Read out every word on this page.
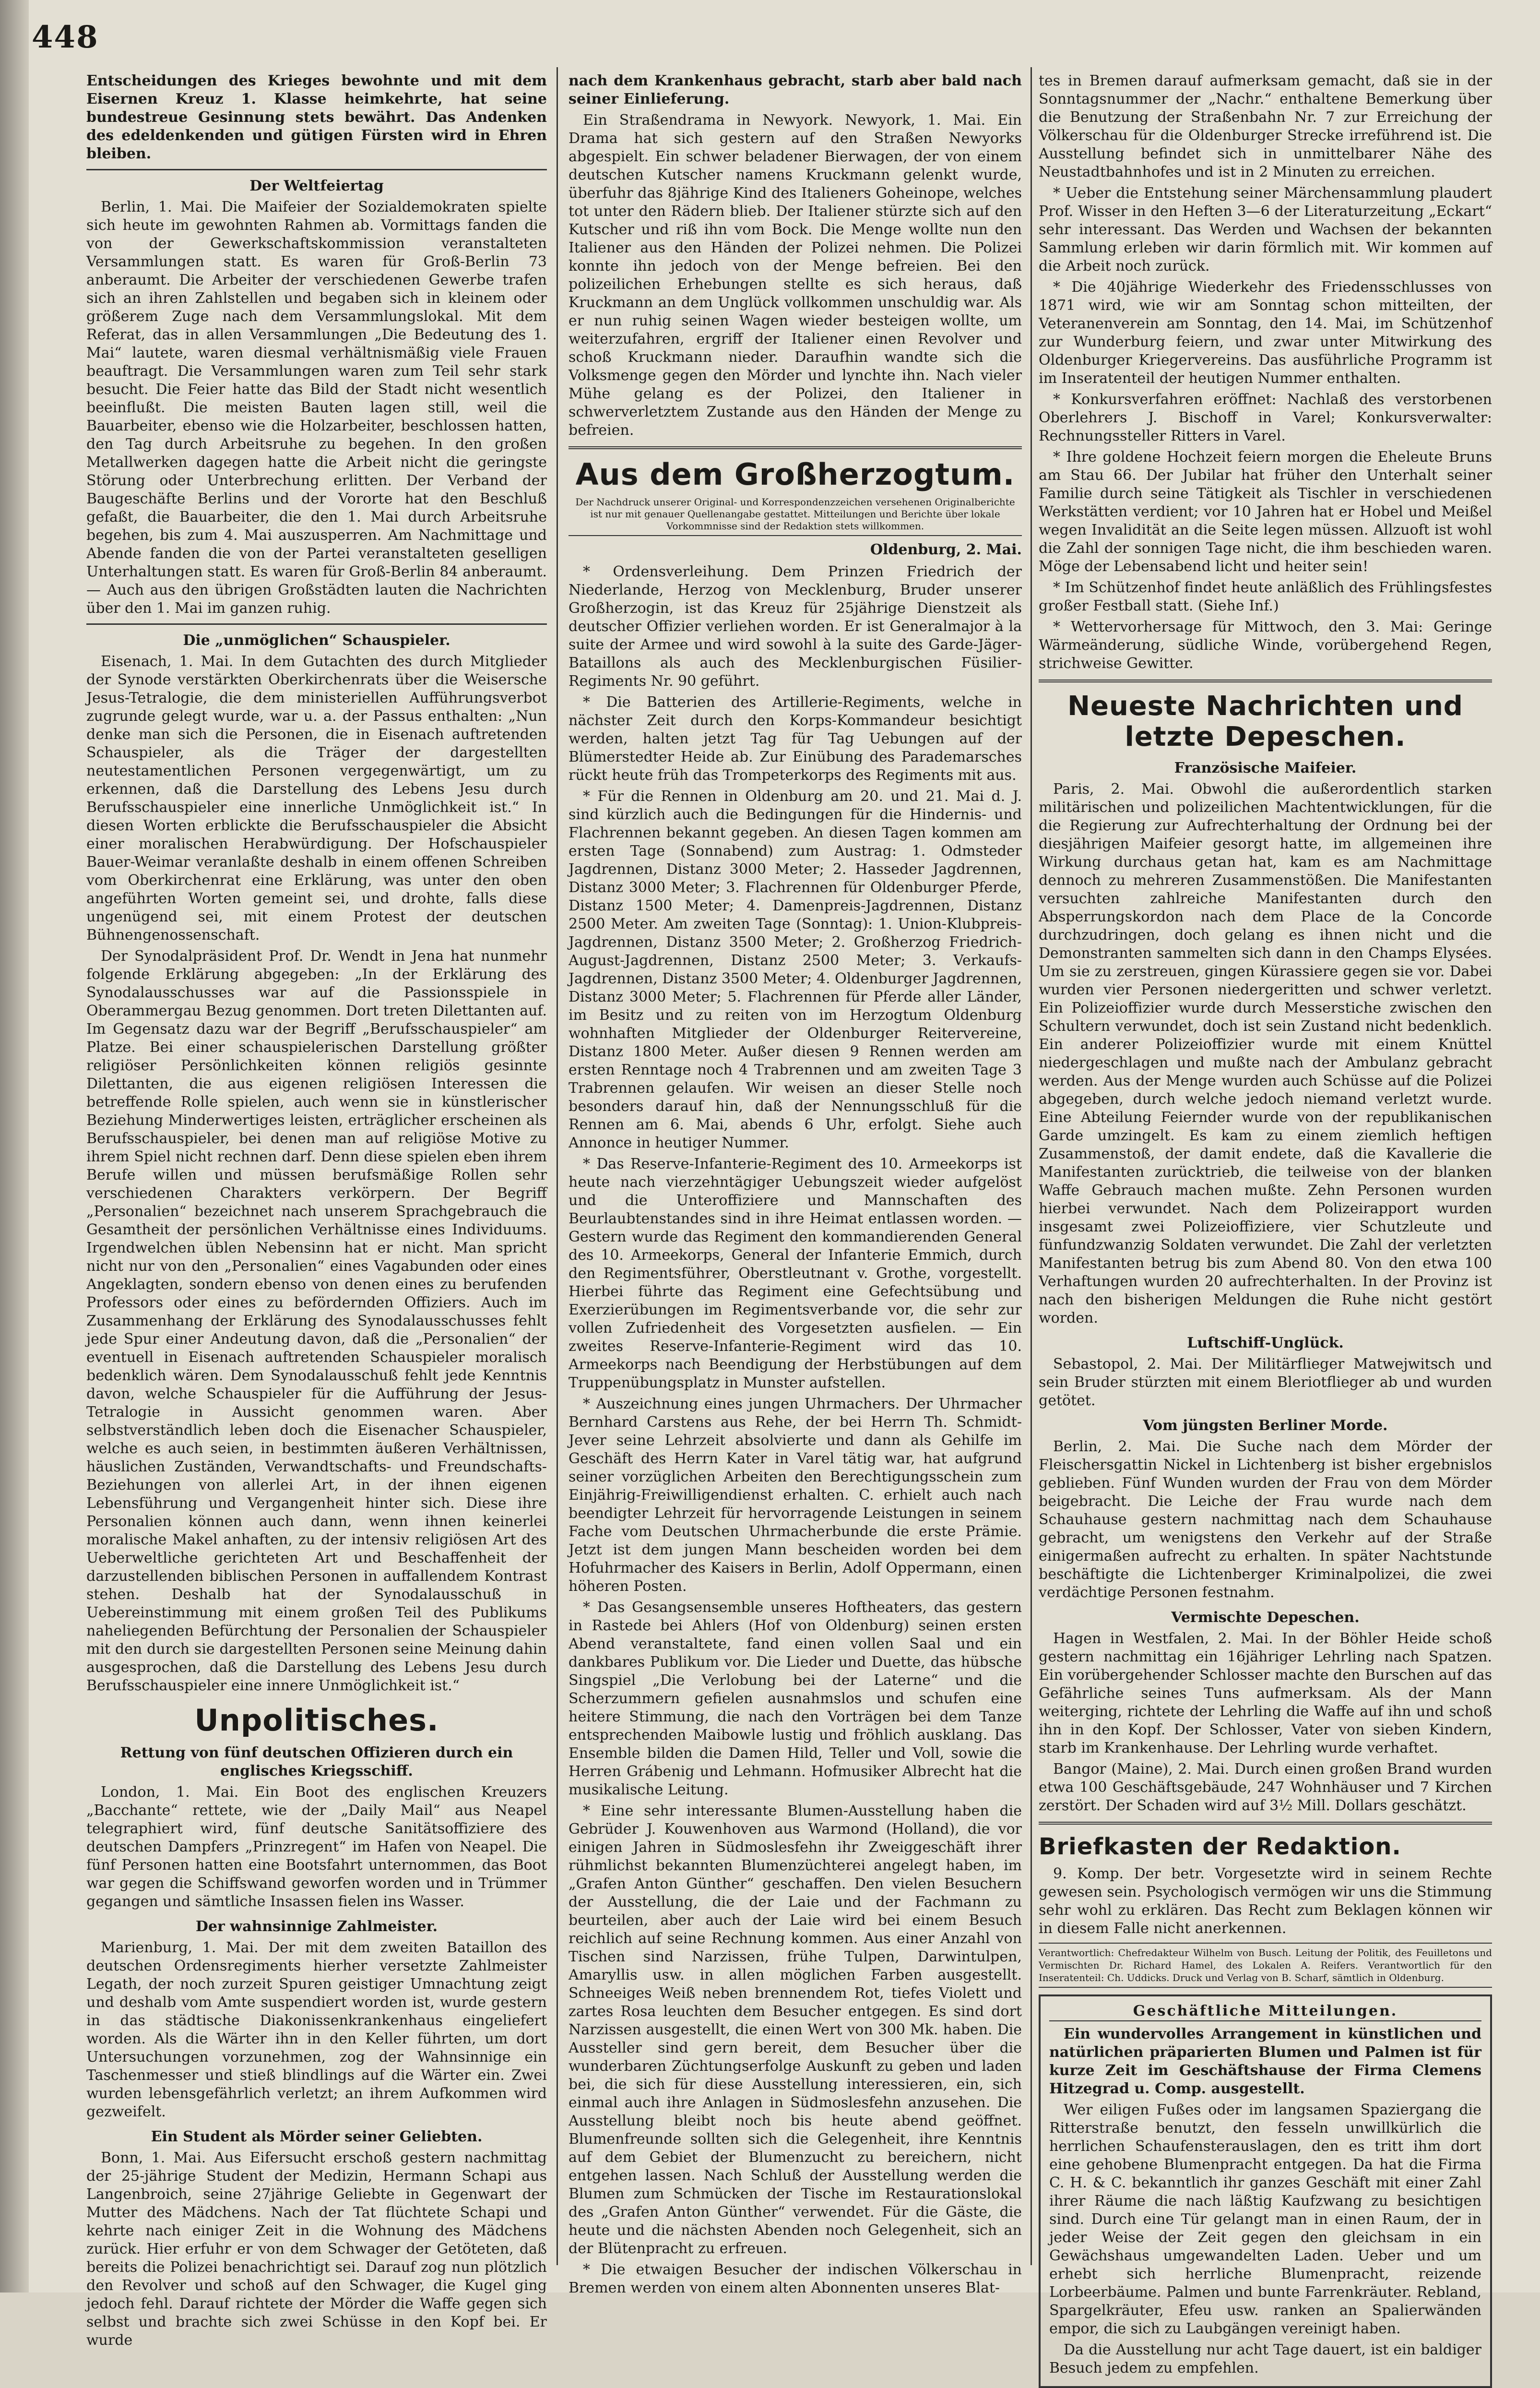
448

Entscheidungen des Krieges bewohnte und mit dem Eisernen Kreuz 1. Klasse heimkehrte, hat seine bundestreue Gesinnung stets bewährt. Das Andenken des edeldenkenden und gütigen Fürsten wird in Ehren bleiben.

Der Weltfeiertag

Berlin, 1. Mai. Die Maifeier der Sozialdemokraten spielte sich heute im gewohnten Rahmen ab. Vormittags fanden die von der Gewerkschaftskommission veranstalteten Versammlungen statt. Es waren für Groß-Berlin 73 anberaumt. Die Arbeiter der verschiedenen Gewerbe trafen sich an ihren Zahlstellen und begaben sich in kleinem oder größerem Zuge nach dem Versammlungslokal. Mit dem Referat, das in allen Versammlungen „Die Bedeutung des 1. Mai“ lautete, waren diesmal verhältnismäßig viele Frauen beauftragt. Die Versammlungen waren zum Teil sehr stark besucht. Die Feier hatte das Bild der Stadt nicht wesentlich beeinflußt. Die meisten Bauten lagen still, weil die Bauarbeiter, ebenso wie die Holzarbeiter, beschlossen hatten, den Tag durch Arbeitsruhe zu begehen. In den großen Metallwerken dagegen hatte die Arbeit nicht die geringste Störung oder Unterbrechung erlitten. Der Verband der Baugeschäfte Berlins und der Vororte hat den Beschluß gefaßt, die Bauarbeiter, die den 1. Mai durch Arbeitsruhe begehen, bis zum 4. Mai auszusperren. Am Nachmittage und Abende fanden die von der Partei veranstalteten geselligen Unterhaltungen statt. Es waren für Groß-Berlin 84 anberaumt. — Auch aus den übrigen Großstädten lauten die Nachrichten über den 1. Mai im ganzen ruhig.

Die „unmöglichen“ Schauspieler.

Eisenach, 1. Mai. In dem Gutachten des durch Mitglieder der Synode verstärkten Oberkirchenrats über die Weisersche Jesus-Tetralogie, die dem ministeriellen Aufführungsverbot zugrunde gelegt wurde, war u. a. der Passus enthalten: „Nun denke man sich die Personen, die in Eisenach auftretenden Schauspieler, als die Träger der dargestellten neutestamentlichen Personen vergegenwärtigt, um zu erkennen, daß die Darstellung des Lebens Jesu durch Berufsschauspieler eine innerliche Unmöglichkeit ist.“ In diesen Worten erblickte die Berufsschauspieler die Absicht einer moralischen Herabwürdigung. Der Hofschauspieler Bauer-Weimar veranlaßte deshalb in einem offenen Schreiben vom Oberkirchenrat eine Erklärung, was unter den oben angeführten Worten gemeint sei, und drohte, falls diese ungenügend sei, mit einem Protest der deutschen Bühnengenossenschaft.

Der Synodalpräsident Prof. Dr. Wendt in Jena hat nunmehr folgende Erklärung abgegeben: „In der Erklärung des Synodalausschusses war auf die Passionsspiele in Oberammergau Bezug genommen. Dort treten Dilettanten auf. Im Gegensatz dazu war der Begriff „Berufsschauspieler“ am Platze. Bei einer schauspielerischen Darstellung größter religiöser Persönlichkeiten können religiös gesinnte Dilettanten, die aus eigenen religiösen Interessen die betreffende Rolle spielen, auch wenn sie in künstlerischer Beziehung Minderwertiges leisten, erträglicher erscheinen als Berufsschauspieler, bei denen man auf religiöse Motive zu ihrem Spiel nicht rechnen darf. Denn diese spielen eben ihrem Berufe willen und müssen berufsmäßige Rollen sehr verschiedenen Charakters verkörpern. Der Begriff „Personalien“ bezeichnet nach unserem Sprachgebrauch die Gesamtheit der persönlichen Verhältnisse eines Individuums. Irgendwelchen üblen Nebensinn hat er nicht. Man spricht nicht nur von den „Personalien“ eines Vagabunden oder eines Angeklagten, sondern ebenso von denen eines zu berufenden Professors oder eines zu befördernden Offiziers. Auch im Zusammenhang der Erklärung des Synodalausschusses fehlt jede Spur einer Andeutung davon, daß die „Personalien“ der eventuell in Eisenach auftretenden Schauspieler moralisch bedenklich wären. Dem Synodalausschuß fehlt jede Kenntnis davon, welche Schauspieler für die Aufführung der Jesus-Tetralogie in Aussicht genommen waren. Aber selbstverständlich leben doch die Eisenacher Schauspieler, welche es auch seien, in bestimmten äußeren Verhältnissen, häuslichen Zuständen, Verwandtschafts- und Freundschafts-Beziehungen von allerlei Art, in der ihnen eigenen Lebensführung und Vergangenheit hinter sich. Diese ihre Personalien können auch dann, wenn ihnen keinerlei moralische Makel anhaften, zu der intensiv religiösen Art des Ueberweltliche gerichteten Art und Beschaffenheit der darzustellenden biblischen Personen in auffallendem Kontrast stehen. Deshalb hat der Synodalausschuß in Uebereinstimmung mit einem großen Teil des Publikums naheliegenden Befürchtung der Personalien der Schauspieler mit den durch sie dargestellten Personen seine Meinung dahin ausgesprochen, daß die Darstellung des Lebens Jesu durch Berufsschauspieler eine innere Unmöglichkeit ist.“

Unpolitisches.
Rettung von fünf deutschen Offizieren durch ein englisches Kriegsschiff.

London, 1. Mai. Ein Boot des englischen Kreuzers „Bacchante“ rettete, wie der „Daily Mail“ aus Neapel telegraphiert wird, fünf deutsche Sanitätsoffiziere des deutschen Dampfers „Prinzregent“ im Hafen von Neapel. Die fünf Personen hatten eine Bootsfahrt unternommen, das Boot war gegen die Schiffswand geworfen worden und in Trümmer gegangen und sämtliche Insassen fielen ins Wasser.

Der wahnsinnige Zahlmeister.

Marienburg, 1. Mai. Der mit dem zweiten Bataillon des deutschen Ordensregiments hierher versetzte Zahlmeister Legath, der noch zurzeit Spuren geistiger Umnachtung zeigt und deshalb vom Amte suspendiert worden ist, wurde gestern in das städtische Diakonissenkrankenhaus eingeliefert worden. Als die Wärter ihn in den Keller führten, um dort Untersuchungen vorzunehmen, zog der Wahnsinnige ein Taschenmesser und stieß blindlings auf die Wärter ein. Zwei wurden lebensgefährlich verletzt; an ihrem Aufkommen wird gezweifelt.

Ein Student als Mörder seiner Geliebten.

Bonn, 1. Mai. Aus Eifersucht erschoß gestern nachmittag der 25-jährige Student der Medizin, Hermann Schapi aus Langenbroich, seine 27jährige Geliebte in Gegenwart der Mutter des Mädchens. Nach der Tat flüchtete Schapi und kehrte nach einiger Zeit in die Wohnung des Mädchens zurück. Hier erfuhr er von dem Schwager der Getöteten, daß bereits die Polizei benachrichtigt sei. Darauf zog nun plötzlich den Revolver und schoß auf den Schwager, die Kugel ging jedoch fehl. Darauf richtete der Mörder die Waffe gegen sich selbst und brachte sich zwei Schüsse in den Kopf bei. Er wurde

nach dem Krankenhaus gebracht, starb aber bald nach seiner Einlieferung.

Ein Straßendrama in Newyork. Newyork, 1. Mai. Ein Drama hat sich gestern auf den Straßen Newyorks abgespielt. Ein schwer beladener Bierwagen, der von einem deutschen Kutscher namens Kruckmann gelenkt wurde, überfuhr das 8jährige Kind des Italieners Goheinope, welches tot unter den Rädern blieb. Der Italiener stürzte sich auf den Kutscher und riß ihn vom Bock. Die Menge wollte nun den Italiener aus den Händen der Polizei nehmen. Die Polizei konnte ihn jedoch von der Menge befreien. Bei den polizeilichen Erhebungen stellte es sich heraus, daß Kruckmann an dem Unglück vollkommen unschuldig war. Als er nun ruhig seinen Wagen wieder besteigen wollte, um weiterzufahren, ergriff der Italiener einen Revolver und schoß Kruckmann nieder. Daraufhin wandte sich die Volksmenge gegen den Mörder und lynchte ihn. Nach vieler Mühe gelang es der Polizei, den Italiener in schwerverletztem Zustande aus den Händen der Menge zu befreien.

Aus dem Großherzogtum.
Der Nachdruck unserer Original- und Korrespondenzzeichen versehenen Originalberichte ist nur mit genauer Quellenangabe gestattet. Mitteilungen und Berichte über lokale Vorkommnisse sind der Redaktion stets willkommen.
Oldenburg, 2. Mai.

* Ordensverleihung. Dem Prinzen Friedrich der Niederlande, Herzog von Mecklenburg, Bruder unserer Großherzogin, ist das Kreuz für 25jährige Dienstzeit als deutscher Offizier verliehen worden. Er ist Generalmajor à la suite der Armee und wird sowohl à la suite des Garde-Jäger-Bataillons als auch des Mecklenburgischen Füsilier-Regiments Nr. 90 geführt.

* Die Batterien des Artillerie-Regiments, welche in nächster Zeit durch den Korps-Kommandeur besichtigt werden, halten jetzt Tag für Tag Uebungen auf der Blümerstedter Heide ab. Zur Einübung des Parademarsches rückt heute früh das Trompeterkorps des Regiments mit aus.

* Für die Rennen in Oldenburg am 20. und 21. Mai d. J. sind kürzlich auch die Bedingungen für die Hindernis- und Flachrennen bekannt gegeben. An diesen Tagen kommen am ersten Tage (Sonnabend) zum Austrag: 1. Odmsteder Jagdrennen, Distanz 3000 Meter; 2. Hasseder Jagdrennen, Distanz 3000 Meter; 3. Flachrennen für Oldenburger Pferde, Distanz 1500 Meter; 4. Damenpreis-Jagdrennen, Distanz 2500 Meter. Am zweiten Tage (Sonntag): 1. Union-Klubpreis-Jagdrennen, Distanz 3500 Meter; 2. Großherzog Friedrich-August-Jagdrennen, Distanz 2500 Meter; 3. Verkaufs-Jagdrennen, Distanz 3500 Meter; 4. Oldenburger Jagdrennen, Distanz 3000 Meter; 5. Flachrennen für Pferde aller Länder, im Besitz und zu reiten von im Herzogtum Oldenburg wohnhaften Mitglieder der Oldenburger Reitervereine, Distanz 1800 Meter. Außer diesen 9 Rennen werden am ersten Renntage noch 4 Trabrennen und am zweiten Tage 3 Trabrennen gelaufen. Wir weisen an dieser Stelle noch besonders darauf hin, daß der Nennungsschluß für die Rennen am 6. Mai, abends 6 Uhr, erfolgt. Siehe auch Annonce in heutiger Nummer.

* Das Reserve-Infanterie-Regiment des 10. Armeekorps ist heute nach vierzehntägiger Uebungszeit wieder aufgelöst und die Unteroffiziere und Mannschaften des Beurlaubtenstandes sind in ihre Heimat entlassen worden. — Gestern wurde das Regiment den kommandierenden General des 10. Armeekorps, General der Infanterie Emmich, durch den Regimentsführer, Oberstleutnant v. Grothe, vorgestellt. Hierbei führte das Regiment eine Gefechtsübung und Exerzierübungen im Regimentsverbande vor, die sehr zur vollen Zufriedenheit des Vorgesetzten ausfielen. — Ein zweites Reserve-Infanterie-Regiment wird das 10. Armeekorps nach Beendigung der Herbstübungen auf dem Truppenübungsplatz in Munster aufstellen.

* Auszeichnung eines jungen Uhrmachers. Der Uhrmacher Bernhard Carstens aus Rehe, der bei Herrn Th. Schmidt-Jever seine Lehrzeit absolvierte und dann als Gehilfe im Geschäft des Herrn Kater in Varel tätig war, hat aufgrund seiner vorzüglichen Arbeiten den Berechtigungsschein zum Einjährig-Freiwilligendienst erhalten. C. erhielt auch nach beendigter Lehrzeit für hervorragende Leistungen in seinem Fache vom Deutschen Uhrmacherbunde die erste Prämie. Jetzt ist dem jungen Mann bescheiden worden bei dem Hofuhrmacher des Kaisers in Berlin, Adolf Oppermann, einen höheren Posten.

* Das Gesangsensemble unseres Hoftheaters, das gestern in Rastede bei Ahlers (Hof von Oldenburg) seinen ersten Abend veranstaltete, fand einen vollen Saal und ein dankbares Publikum vor. Die Lieder und Duette, das hübsche Singspiel „Die Verlobung bei der Laterne“ und die Scherzummern gefielen ausnahmslos und schufen eine heitere Stimmung, die nach den Vorträgen bei dem Tanze entsprechenden Maibowle lustig und fröhlich ausklang. Das Ensemble bilden die Damen Hild, Teller und Voll, sowie die Herren Grábenig und Lehmann. Hofmusiker Albrecht hat die musikalische Leitung.

* Eine sehr interessante Blumen-Ausstellung haben die Gebrüder J. Kouwenhoven aus Warmond (Holland), die vor einigen Jahren in Südmoslesfehn ihr Zweiggeschäft ihrer rühmlichst bekannten Blumenzüchterei angelegt haben, im „Grafen Anton Günther“ geschaffen. Den vielen Besuchern der Ausstellung, die der Laie und der Fachmann zu beurteilen, aber auch der Laie wird bei einem Besuch reichlich auf seine Rechnung kommen. Aus einer Anzahl von Tischen sind Narzissen, frühe Tulpen, Darwintulpen, Amaryllis usw. in allen möglichen Farben ausgestellt. Schneeiges Weiß neben brennendem Rot, tiefes Violett und zartes Rosa leuchten dem Besucher entgegen. Es sind dort Narzissen ausgestellt, die einen Wert von 300 Mk. haben. Die Aussteller sind gern bereit, dem Besucher über die wunderbaren Züchtungserfolge Auskunft zu geben und laden bei, die sich für diese Ausstellung interessieren, ein, sich einmal auch ihre Anlagen in Südmoslesfehn anzusehen. Die Ausstellung bleibt noch bis heute abend geöffnet. Blumenfreunde sollten sich die Gelegenheit, ihre Kenntnis auf dem Gebiet der Blumenzucht zu bereichern, nicht entgehen lassen. Nach Schluß der Ausstellung werden die Blumen zum Schmücken der Tische im Restaurationslokal des „Grafen Anton Günther“ verwendet. Für die Gäste, die heute und die nächsten Abenden noch Gelegenheit, sich an der Blütenpracht zu erfreuen.

* Die etwaigen Besucher der indischen Völkerschau in Bremen werden von einem alten Abonnenten unseres Blat-

tes in Bremen darauf aufmerksam gemacht, daß sie in der Sonntagsnummer der „Nachr.“ enthaltene Bemerkung über die Benutzung der Straßenbahn Nr. 7 zur Erreichung der Völkerschau für die Oldenburger Strecke irreführend ist. Die Ausstellung befindet sich in unmittelbarer Nähe des Neustadtbahnhofes und ist in 2 Minuten zu erreichen.

* Ueber die Entstehung seiner Märchensammlung plaudert Prof. Wisser in den Heften 3—6 der Literaturzeitung „Eckart“ sehr interessant. Das Werden und Wachsen der bekannten Sammlung erleben wir darin förmlich mit. Wir kommen auf die Arbeit noch zurück.

* Die 40jährige Wiederkehr des Friedensschlusses von 1871 wird, wie wir am Sonntag schon mitteilten, der Veteranenverein am Sonntag, den 14. Mai, im Schützenhof zur Wunderburg feiern, und zwar unter Mitwirkung des Oldenburger Kriegervereins. Das ausführliche Programm ist im Inseratenteil der heutigen Nummer enthalten.

* Konkursverfahren eröffnet: Nachlaß des verstorbenen Oberlehrers J. Bischoff in Varel; Konkursverwalter: Rechnungssteller Ritters in Varel.

* Ihre goldene Hochzeit feiern morgen die Eheleute Bruns am Stau 66. Der Jubilar hat früher den Unterhalt seiner Familie durch seine Tätigkeit als Tischler in verschiedenen Werkstätten verdient; vor 10 Jahren hat er Hobel und Meißel wegen Invalidität an die Seite legen müssen. Allzuoft ist wohl die Zahl der sonnigen Tage nicht, die ihm beschieden waren. Möge der Lebensabend licht und heiter sein!

* Im Schützenhof findet heute anläßlich des Frühlingsfestes großer Festball statt. (Siehe Inf.)

* Wettervorhersage für Mittwoch, den 3. Mai: Geringe Wärmeänderung, südliche Winde, vorübergehend Regen, strichweise Gewitter.

Neueste Nachrichten und letzte Depeschen.
Französische Maifeier.

Paris, 2. Mai. Obwohl die außerordentlich starken militärischen und polizeilichen Machtentwicklungen, für die die Regierung zur Aufrechterhaltung der Ordnung bei der diesjährigen Maifeier gesorgt hatte, im allgemeinen ihre Wirkung durchaus getan hat, kam es am Nachmittage dennoch zu mehreren Zusammenstößen. Die Manifestanten versuchten zahlreiche Manifestanten durch den Absperrungskordon nach dem Place de la Concorde durchzudringen, doch gelang es ihnen nicht und die Demonstranten sammelten sich dann in den Champs Elysées. Um sie zu zerstreuen, gingen Kürassiere gegen sie vor. Dabei wurden vier Personen niedergeritten und schwer verletzt. Ein Polizeioffizier wurde durch Messerstiche zwischen den Schultern verwundet, doch ist sein Zustand nicht bedenklich. Ein anderer Polizeioffizier wurde mit einem Knüttel niedergeschlagen und mußte nach der Ambulanz gebracht werden. Aus der Menge wurden auch Schüsse auf die Polizei abgegeben, durch welche jedoch niemand verletzt wurde. Eine Abteilung Feiernder wurde von der republikanischen Garde umzingelt. Es kam zu einem ziemlich heftigen Zusammenstoß, der damit endete, daß die Kavallerie die Manifestanten zurücktrieb, die teilweise von der blanken Waffe Gebrauch machen mußte. Zehn Personen wurden hierbei verwundet. Nach dem Polizeirapport wurden insgesamt zwei Polizeioffiziere, vier Schutzleute und fünfundzwanzig Soldaten verwundet. Die Zahl der verletzten Manifestanten betrug bis zum Abend 80. Von den etwa 100 Verhaftungen wurden 20 aufrechterhalten. In der Provinz ist nach den bisherigen Meldungen die Ruhe nicht gestört worden.

Luftschiff-Unglück.

Sebastopol, 2. Mai. Der Militärflieger Matwejwitsch und sein Bruder stürzten mit einem Bleriotflieger ab und wurden getötet.

Vom jüngsten Berliner Morde.

Berlin, 2. Mai. Die Suche nach dem Mörder der Fleischersgattin Nickel in Lichtenberg ist bisher ergebnislos geblieben. Fünf Wunden wurden der Frau von dem Mörder beigebracht. Die Leiche der Frau wurde nach dem Schauhause gestern nachmittag nach dem Schauhause gebracht, um wenigstens den Verkehr auf der Straße einigermaßen aufrecht zu erhalten. In später Nachtstunde beschäftigte die Lichtenberger Kriminalpolizei, die zwei verdächtige Personen festnahm.

Vermischte Depeschen.

Hagen in Westfalen, 2. Mai. In der Böhler Heide schoß gestern nachmittag ein 16jähriger Lehrling nach Spatzen. Ein vorübergehender Schlosser machte den Burschen auf das Gefährliche seines Tuns aufmerksam. Als der Mann weiterging, richtete der Lehrling die Waffe auf ihn und schoß ihn in den Kopf. Der Schlosser, Vater von sieben Kindern, starb im Krankenhause. Der Lehrling wurde verhaftet.

Bangor (Maine), 2. Mai. Durch einen großen Brand wurden etwa 100 Geschäftsgebäude, 247 Wohnhäuser und 7 Kirchen zerstört. Der Schaden wird auf 3½ Mill. Dollars geschätzt.

Briefkasten der Redaktion.

9. Komp. Der betr. Vorgesetzte wird in seinem Rechte gewesen sein. Psychologisch vermögen wir uns die Stimmung sehr wohl zu erklären. Das Recht zum Beklagen können wir in diesem Falle nicht anerkennen.

Verantwortlich: Chefredakteur Wilhelm von Busch. Leitung der Politik, des Feuilletons und Vermischten Dr. Richard Hamel, des Lokalen A. Reifers. Verantwortlich für den Inseratenteil: Ch. Uddicks. Druck und Verlag von B. Scharf, sämtlich in Oldenburg.
Geschäftliche Mitteilungen.

Ein wundervolles Arrangement in künstlichen und natürlichen präparierten Blumen und Palmen ist für kurze Zeit im Geschäftshause der Firma Clemens Hitzegrad u. Comp. ausgestellt.

Wer eiligen Fußes oder im langsamen Spaziergang die Ritterstraße benutzt, den fesseln unwillkürlich die herrlichen Schaufensterauslagen, den es tritt ihm dort eine gehobene Blumenpracht entgegen. Da hat die Firma C. H. & C. bekanntlich ihr ganzes Geschäft mit einer Zahl ihrer Räume die nach läßtig Kaufzwang zu besichtigen sind. Durch eine Tür gelangt man in einen Raum, der in jeder Weise der Zeit gegen den gleichsam in ein Gewächshaus umgewandelten Laden. Ueber und um erhebt sich herrliche Blumenpracht, reizende Lorbeerbäume. Palmen und bunte Farrenkräuter. Rebland, Spargelkräuter, Efeu usw. ranken an Spalierwänden empor, die sich zu Laubgängen vereinigt haben.

Da die Ausstellung nur acht Tage dauert, ist ein baldiger Besuch jedem zu empfehlen.
